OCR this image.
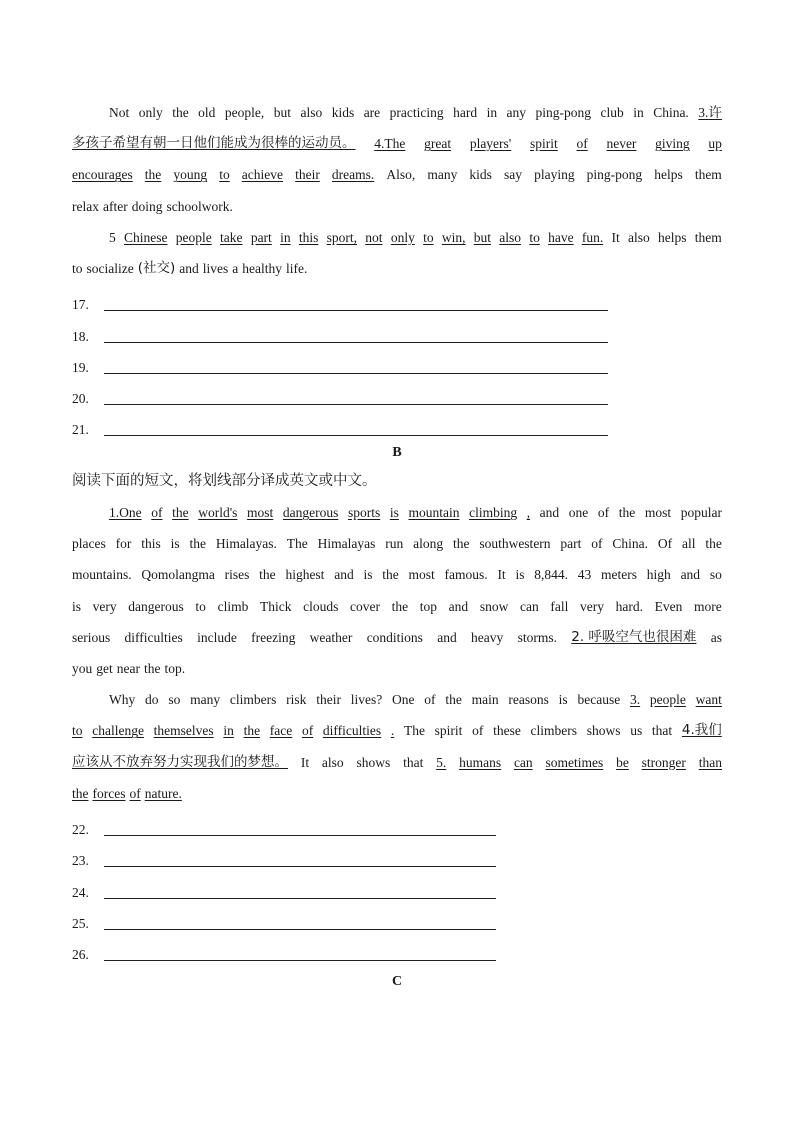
Not only the old people, but also kids are practicing hard in any ping-pong club in China. 3.许
多孩子希望有朝一日他们能成为很棒的运动员。 4.The great players' spirit of never giving up
encourages the young to achieve their dreams. Also, many kids say playing ping-pong helps them
relax after doing schoolwork.
5 Chinese people take part in this sport, not only to win, but also to have fun. It also helps them
to socialize (社交) and lives a healthy life.
17.
18.
19.
20.
21.
B
阅读下面的短文，将划线部分译成英文或中文。
1.One of the world's most dangerous sports is mountain climbing , and one of the most popular
places for this is the Himalayas. The Himalayas run along the southwestern part of China. Of all the
mountains. Qomolangma rises the highest and is the most famous. It is 8,844. 43 meters high and so
is very dangerous to climb Thick clouds cover the top and snow can fall very hard. Even more
serious difficulties include freezing weather conditions and heavy storms. 2. 呼吸空气也很困难 as
you get near the top.
Why do so many climbers risk their lives? One of the main reasons is because 3. people want
to challenge themselves in the face of difficulties . The spirit of these climbers shows us that 4.我们
应该从不放弃努力实现我们的梦想。 It also shows that 5. humans can sometimes be stronger than
the forces of nature.
22.
23.
24.
25.
26.
C
